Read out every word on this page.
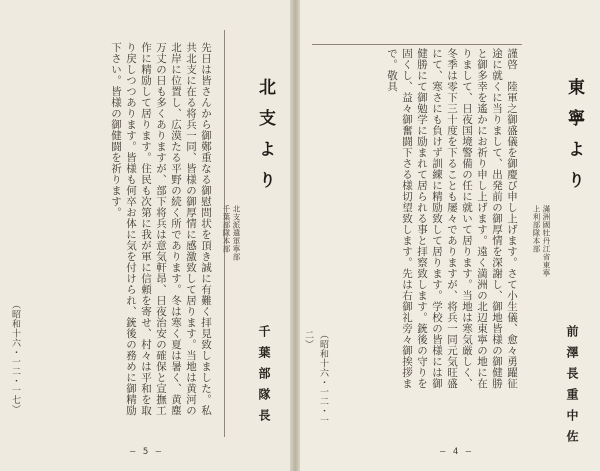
北支より
北支派遣軍寧部
千葉部隊本部
千葉部隊長
先日は皆さんから御鄭重なる御慰問状を頂き誠に有難く拝見致しました。私共北支に在る将兵一同、皆様の御厚情に感激致して居ります。当地は黄河の北岸に位置し、広漠たる平野の続く所であります。冬は寒く夏は暑く、黄塵万丈の日も多くありますが、部下将兵は意気軒昂、日夜治安の確保と宣撫工作に精励して居ります。住民も次第に我が軍に信頼を寄せ、村々は平和を取り戻しつつあります。皆様も何卒お体に気を付けられ、銃後の務めに御精励下さい。皆様の御健闘を祈ります。
（昭和十六・一二・一七）
― 5 ―
東寧より
滿洲國牡丹江省東寧
上利部隊本部
前澤長重中佐
謹啓　陸軍之御盛儀を御慶び申し上げます。さて小生儀、愈々勇躍征途に就くに当りまして、出発前の御厚情を深謝し、御地皆様の御健勝と御多幸を遙かにお祈り申し上げます。遠く満洲の北辺東寧の地に在りまして、日夜国境警備の任に就いて居ります。当地は寒気厳しく、冬季は零下三十度を下ることも屡々でありますが、将兵一同元気旺盛にて、寒さにも負けず訓練に精励致して居ります。学校の皆様には御健勝にて御勉学に励まれて居られる事と拝察致します。銃後の守りを固くし、益々御奮闘下さる様切望致します。先は右御礼旁々御挨拶まで。敬具
（昭和十六・一二・一二）
― 4 ―
